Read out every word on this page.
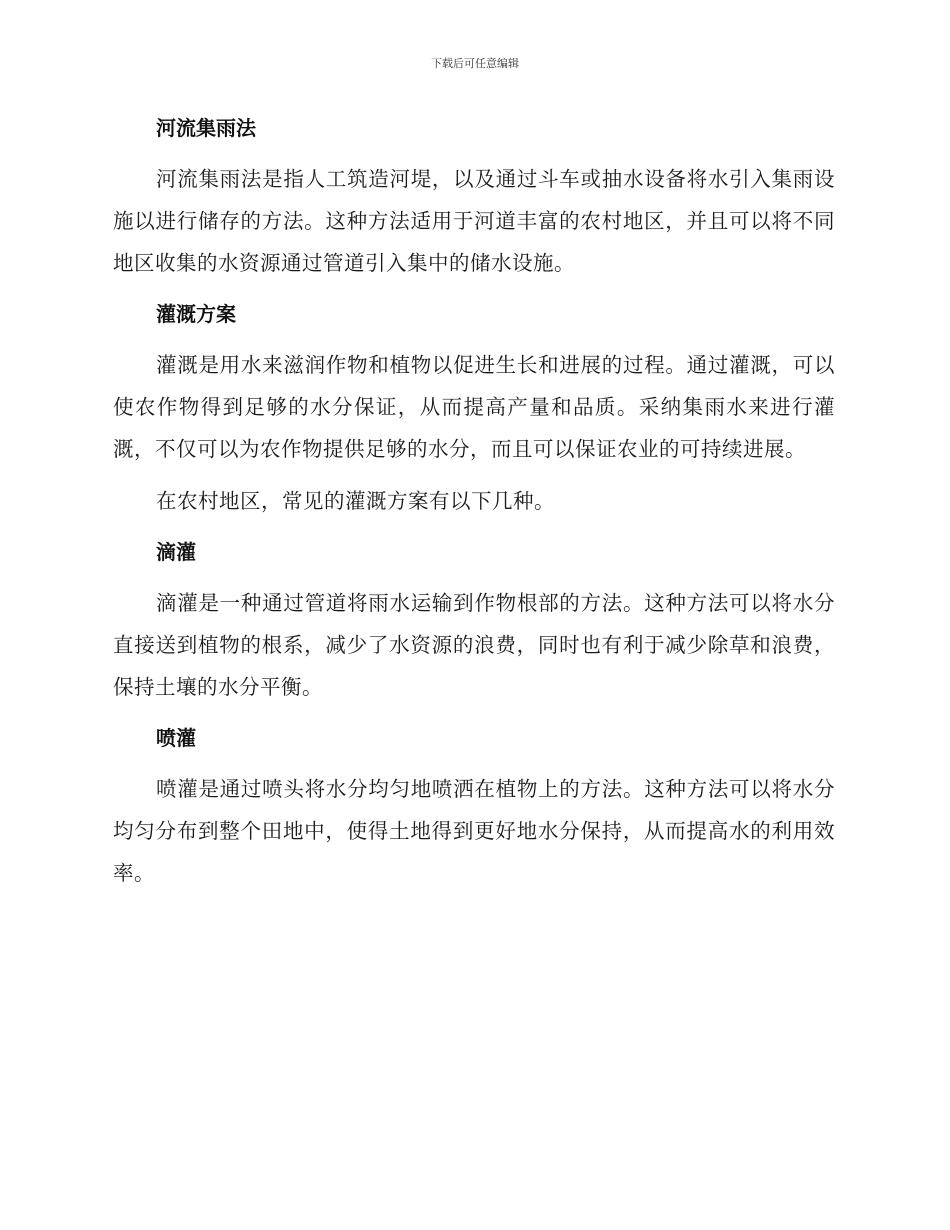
下载后可任意编辑
河流集雨法
河流集雨法是指人工筑造河堤，以及通过斗车或抽水设备将水引入集雨设施以进行储存的方法。这种方法适用于河道丰富的农村地区，并且可以将不同地区收集的水资源通过管道引入集中的储水设施。
灌溉方案
灌溉是用水来滋润作物和植物以促进生长和进展的过程。通过灌溉，可以使农作物得到足够的水分保证，从而提高产量和品质。采纳集雨水来进行灌溉，不仅可以为农作物提供足够的水分，而且可以保证农业的可持续进展。
在农村地区，常见的灌溉方案有以下几种。
滴灌
滴灌是一种通过管道将雨水运输到作物根部的方法。这种方法可以将水分直接送到植物的根系，减少了水资源的浪费，同时也有利于减少除草和浪费，保持土壤的水分平衡。
喷灌
喷灌是通过喷头将水分均匀地喷洒在植物上的方法。这种方法可以将水分均匀分布到整个田地中，使得土地得到更好地水分保持，从而提高水的利用效率。
